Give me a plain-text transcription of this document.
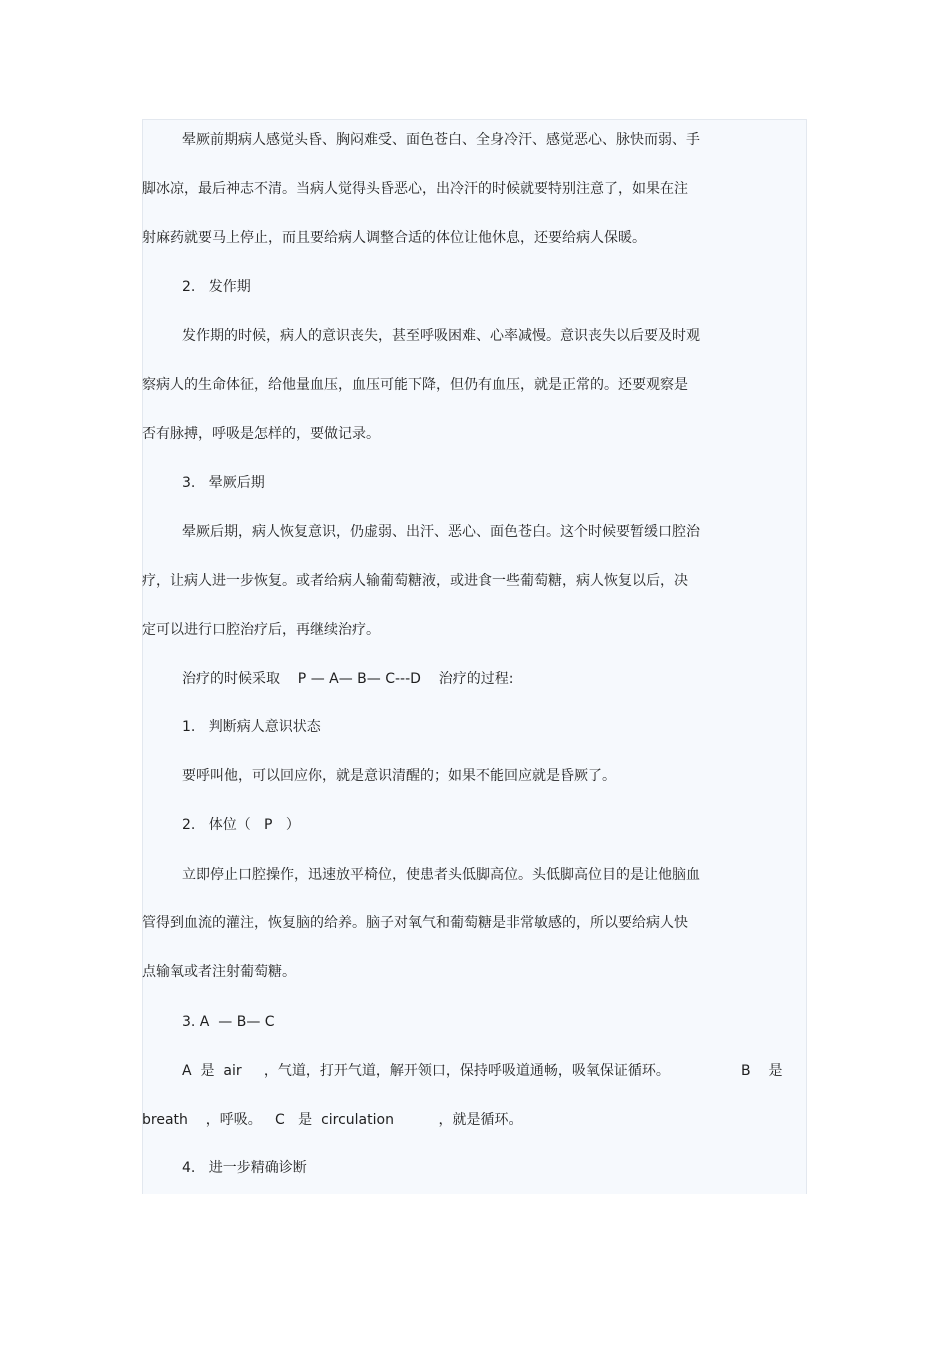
晕厥前期病人感觉头昏、胸闷难受、面色苍白、全身冷汗、感觉恶心、脉快而弱、手
脚冰凉，最后神志不清。当病人觉得头昏恶心，出冷汗的时候就要特别注意了，如果在注
射麻药就要马上停止，而且要给病人调整合适的体位让他休息，还要给病人保暖。
2.   发作期
发作期的时候，病人的意识丧失，甚至呼吸困难、心率减慢。意识丧失以后要及时观
察病人的生命体征，给他量血压，血压可能下降，但仍有血压，就是正常的。还要观察是
否有脉搏，呼吸是怎样的，要做记录。
3.   晕厥后期
晕厥后期，病人恢复意识，仍虚弱、出汗、恶心、面色苍白。这个时候要暂缓口腔治
疗，让病人进一步恢复。或者给病人输葡萄糖液，或进食一些葡萄糖，病人恢复以后，决
定可以进行口腔治疗后，再继续治疗。
治疗的时候采取    P — A— B— C---D    治疗的过程:
1.   判断病人意识状态
要呼叫他，可以回应你，就是意识清醒的；如果不能回应就是昏厥了。
2.   体位（   P   ）
立即停止口腔操作，迅速放平椅位，使患者头低脚高位。头低脚高位目的是让他脑血
管得到血流的灌注，恢复脑的给养。脑子对氧气和葡萄糖是非常敏感的，所以要给病人快
点输氧或者注射葡萄糖。
3. A  — B— C
A  是  air     ，气道，打开气道，解开领口，保持呼吸道通畅，吸氧保证循环。                B    是
breath    ，呼吸。   C   是  circulation          ，就是循环。
4.   进一步精确诊断
